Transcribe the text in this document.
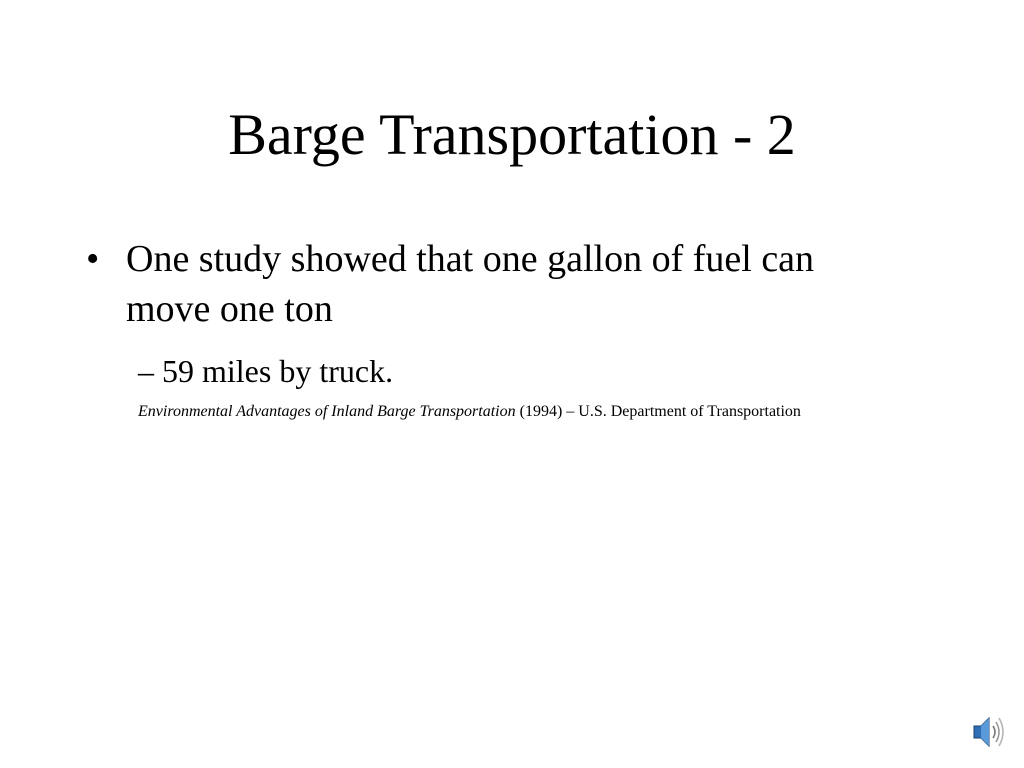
Barge Transportation - 2
• One study showed that one gallon of fuel can move one ton
– 59 miles by truck.
Environmental Advantages of Inland Barge Transportation (1994) – U.S. Department of Transportation
